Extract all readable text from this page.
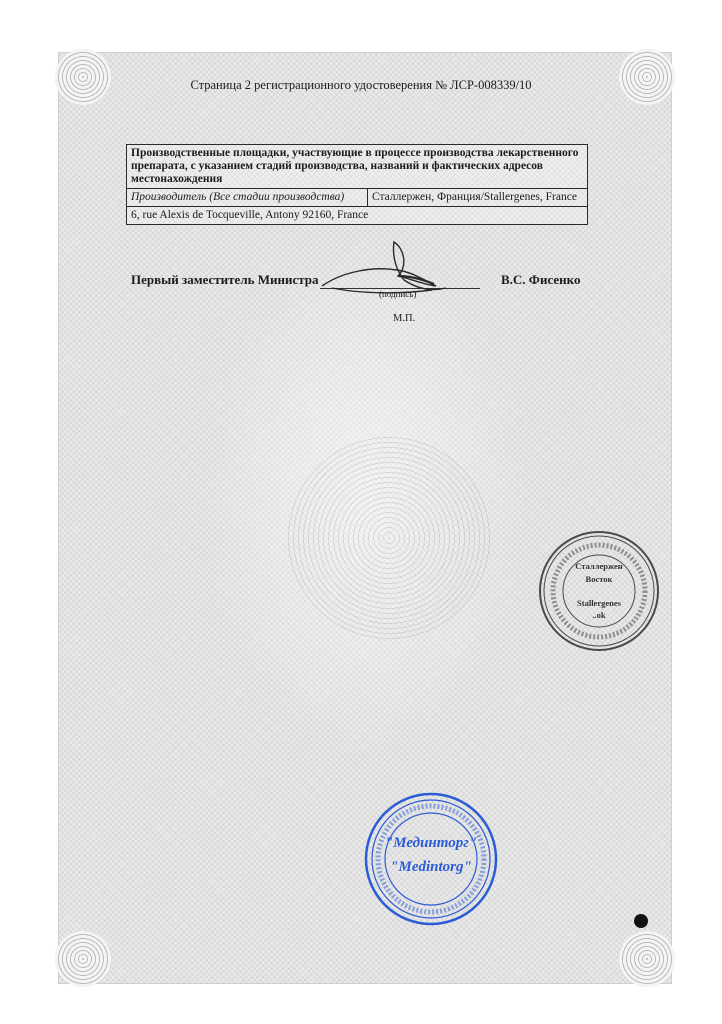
Страница 2 регистрационного удостоверения № ЛСР-008339/10
Производственные площадки, участвующие в процессе производства лекарственного препарата, с указанием стадий производства, названий и фактических адресов местонахождения
Производитель (Все стадии производства)	Сталлержен, Франция/Stallergenes, France
6, rue Alexis de Tocqueville, Antony 92160, France
Первый заместитель Министра	В.С. Фисенко
(подпись)
М.П.
Сталлержен
Восток
Stallergenes
..ok
"Мединторг"
"Medintorg"
